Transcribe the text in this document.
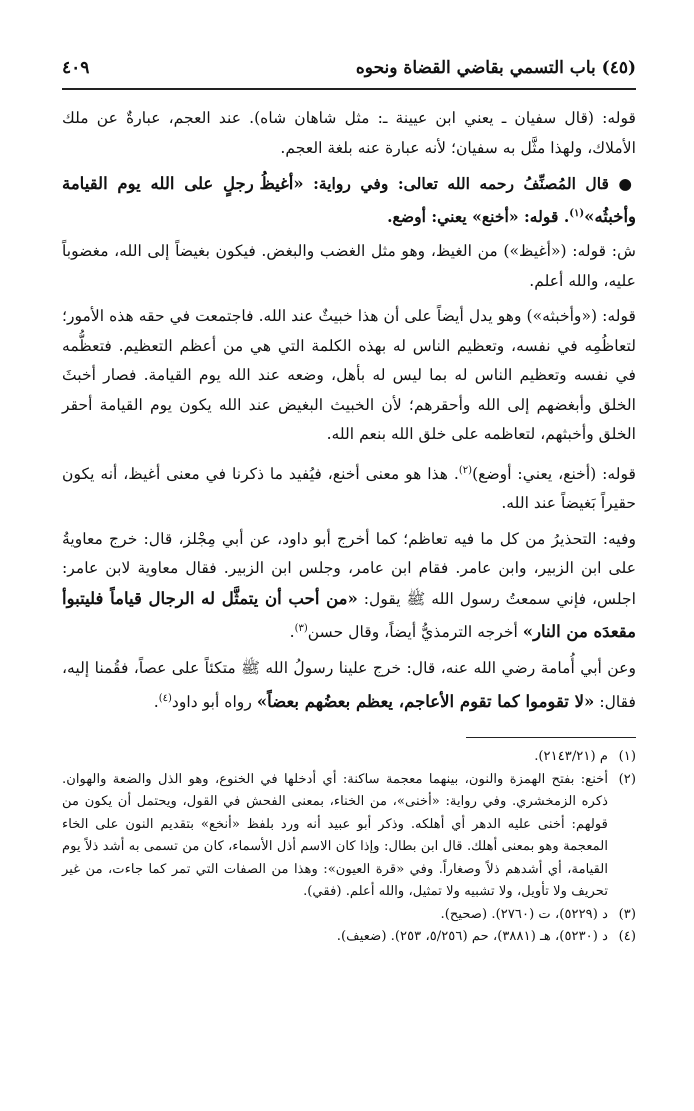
(٤٥) باب التسمي بقاضي القضاة ونحوه
٤٠٩

قوله: (قال سفيان ـ يعني ابن عيينة ـ: مثل شاهان شاه). عند العجم، عبارةٌ عن ملك الأملاك، ولهذا مثَّل به سفيان؛ لأنه عبارة عنه بلغة العجم.

● قال المُصنِّفُ رحمه الله تعالى: وفي رواية: «أغيظُ رجلٍ على الله يوم القيامة وأخبثُه»$^{(١)}$. قوله: «أخنع» يعني: أوضع.

ش: قوله: («أغيظ») من الغيظ، وهو مثل الغضب والبغض. فيكون بغيضاً إلى الله، مغضوباً عليه، والله أعلم.

قوله: («وأخبثه») وهو يدل أيضاً على أن هذا خبيثٌ عند الله. فاجتمعت في حقه هذه الأمور؛ لتعاظُمِه في نفسه، وتعظيم الناس له بهذه الكلمة التي هي من أعظم التعظيم. فتعظُّمه في نفسه وتعظيم الناس له بما ليس له بأهل، وضعه عند الله يوم القيامة. فصار أخبثَ الخلق وأبغضهم إلى الله وأحقرهم؛ لأن الخبيث البغيض عند الله يكون يوم القيامة أحقر الخلق وأخبثهم، لتعاظمه على خلق الله بنعم الله.

قوله: (أخنع، يعني: أوضع)$^{(٢)}$. هذا هو معنى أخنع، فيُفيد ما ذكرنا في معنى أغيظ، أنه يكون حقيراً بَغيضاً عند الله.

وفيه: التحذيرُ من كل ما فيه تعاظم؛ كما أخرج أبو داود، عن أبي مِجْلز، قال: خرج معاويةُ على ابن الزبير، وابن عامر. فقام ابن عامر، وجلس ابن الزبير. فقال معاوية لابن عامر: اجلس، فإني سمعتُ رسول الله ﷺ يقول: «من أحب أن يتمثَّل له الرجال قياماً فليتبوأ مقعدَه من النار» أخرجه الترمذيُّ أيضاً، وقال حسن$^{(٣)}$.

وعن أبي أُمامة رضي الله عنه، قال: خرج علينا رسولُ الله ﷺ متكئاً على عصاً، فقُمنا إليه، فقال: «لا تقوموا كما تقوم الأعاجم، يعظم بعضُهم بعضاً» رواه أبو داود$^{(٤)}$.

(١)
م (٢١٤٣/٢١).
(٢)
أخنع: بفتح الهمزة والنون، بينهما معجمة ساكنة: أي أدخلها في الخنوع، وهو الذل والضعة والهوان. ذكره الزمخشري. وفي رواية: «أخنى»، من الخناء، بمعنى الفحش في القول، ويحتمل أن يكون من قولهم: أخنى عليه الدهر أي أهلكه. وذكر أبو عبيد أنه ورد بلفظ «أنخع» بتقديم النون على الخاء المعجمة وهو بمعنى أهلك. قال ابن بطال: وإذا كان الاسم أذل الأسماء، كان من تسمى به أشد ذلاً يوم القيامة، أي أشدهم ذلاً وصغاراً. وفي «قرة العيون»: وهذا من الصفات التي تمر كما جاءت، من غير تحريف ولا تأويل، ولا تشبيه ولا تمثيل، والله أعلم. (فقي).
(٣)
د (٥٢٢٩)، ت (٢٧٦٠). (صحيح).
(٤)
د (٥٢٣٠)، هـ (٣٨٨١)، حم (٥/٢٥٦، ٢٥٣). (ضعيف).
